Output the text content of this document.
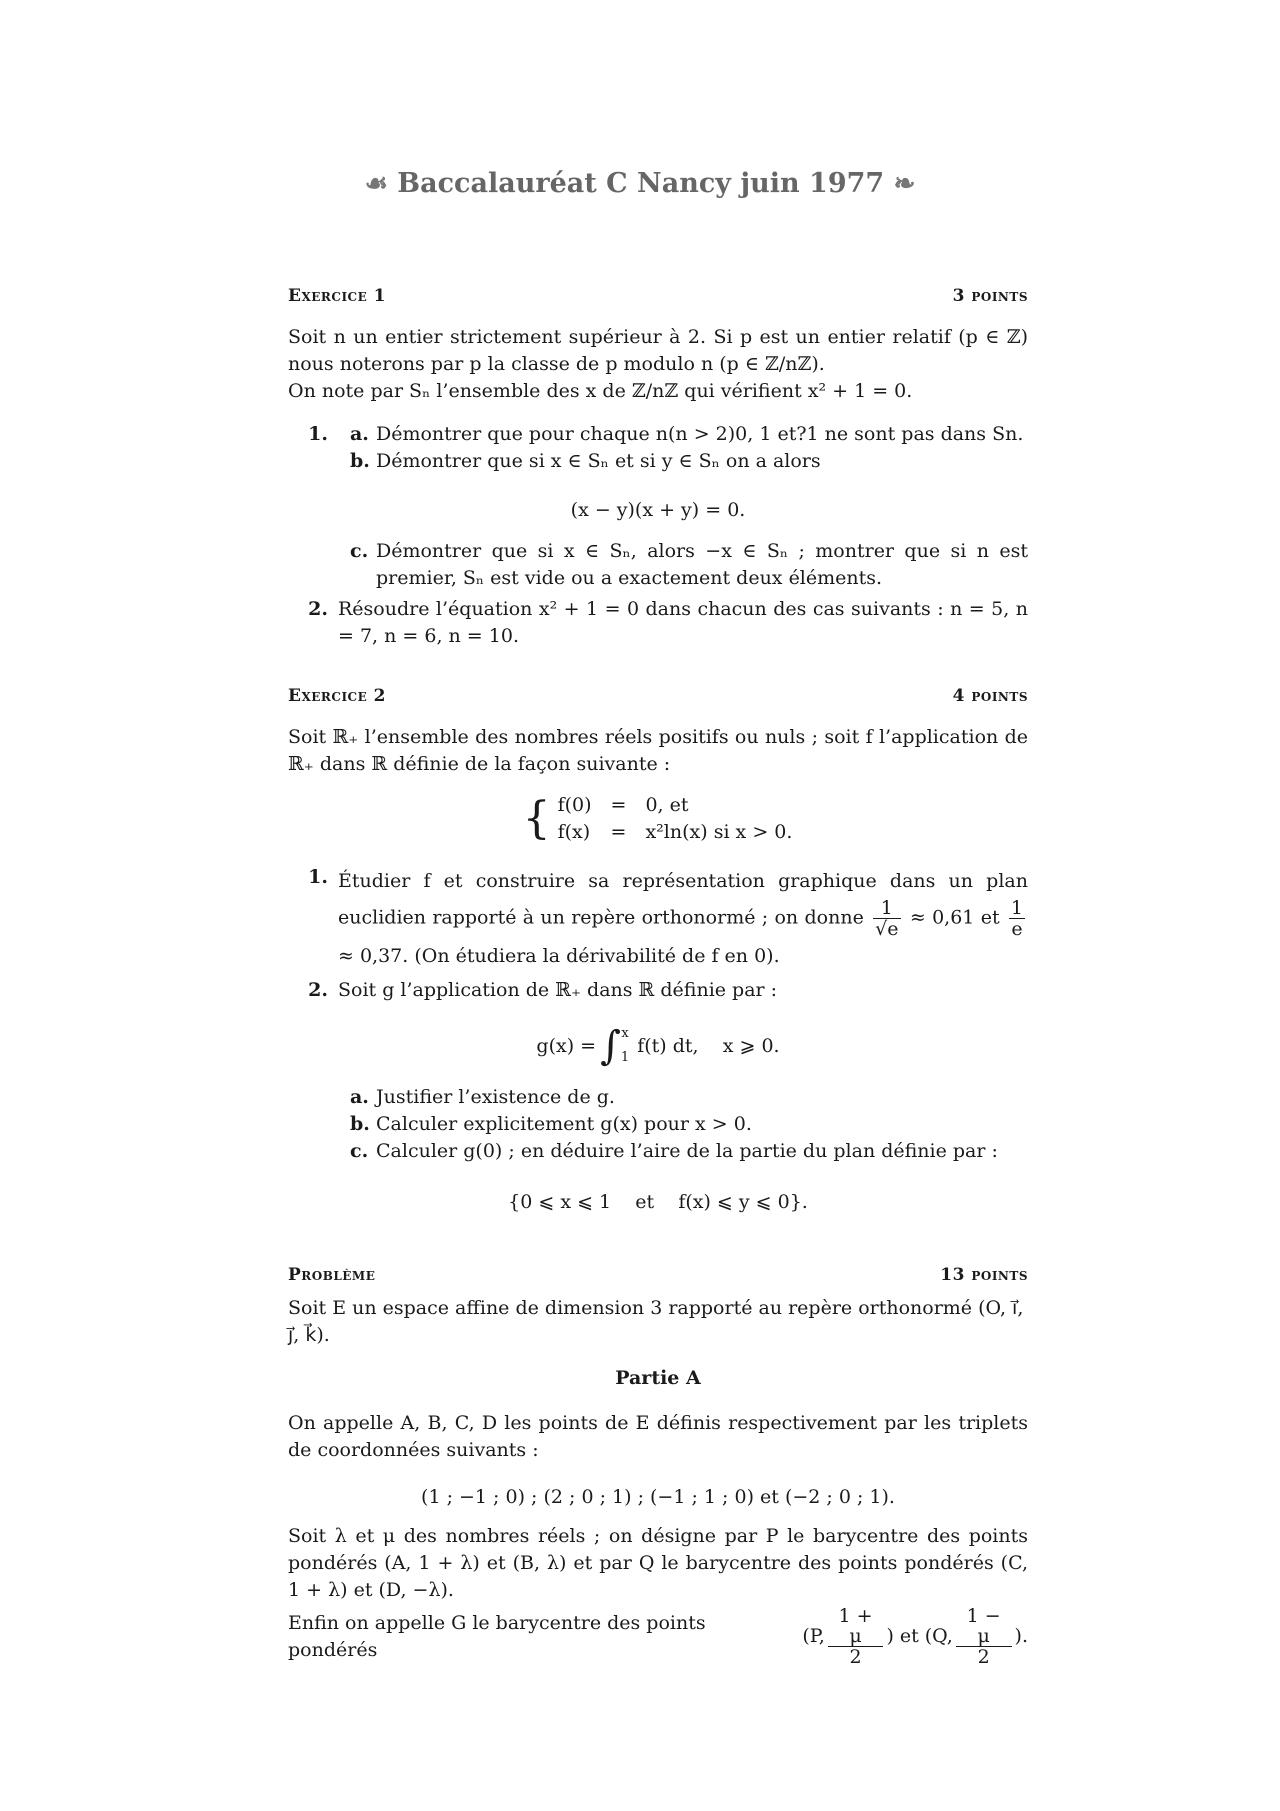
☙ Baccalauréat C Nancy juin 1977 ❧
Exercice 1	3 points

Soit n un entier strictement supérieur à 2. Si p est un entier relatif (p ∈ ℤ) nous noterons par p la classe de p modulo n (p ∈ ℤ/nℤ).

On note par Sₙ l’ensemble des x de ℤ/nℤ qui vérifient x² + 1 = 0.

1.	a. Démontrer que pour chaque n(n > 2)0, 1 et?1 ne sont pas dans Sn.
b. Démontrer que si x ∈ Sₙ et si y ∈ Sₙ on a alors

(x − y)(x + y) = 0.

c. Démontrer que si x ∈ Sₙ, alors −x ∈ Sₙ ; montrer que si n est premier, Sₙ est vide ou a exactement deux éléments.
2. Résoudre l’équation x² + 1 = 0 dans chacun des cas suivants : n = 5, n = 7, n = 6, n = 10.
Exercice 2	4 points

Soit ℝ₊ l’ensemble des nombres réels positifs ou nuls ; soit f l’application de ℝ₊ dans ℝ définie de la façon suivante :

{ f(0)	=	0, et
f(x)	=	x²ln(x) si x > 0.
1. Étudier f et construire sa représentation graphique dans un plan euclidien rapporté à un repère orthonormé ; on donne $\frac{1}{√e} \approx 0,61$ et $\frac{1}{e}$
≈ 0,37. (On étudiera la dérivabilité de f en 0).
2. Soit g l’application de ℝ₊ dans ℝ définie par :
g(x) = ∫ x
1
f(t) dt,    x ⩾ 0.
a. Justifier l’existence de g.
b. Calculer explicitement g(x) pour x > 0.
c. Calculer g(0) ; en déduire l’aire de la partie du plan définie par :

{0 ⩽ x ⩽ 1    et    f(x) ⩽ y ⩽ 0}.

Problème	13 points

Soit E un espace affine de dimension 3 rapporté au repère orthonormé (O, i⃗, j⃗, k⃗).

Partie A

On appelle A, B, C, D les points de E définis respectivement par les triplets de coordonnées suivants :

(1 ; −1 ; 0) ; (2 ; 0 ; 1) ; (−1 ; 1 ; 0) et (−2 ; 0 ; 1).

Soit λ et μ des nombres réels ; on désigne par P le barycentre des points pondérés (A, 1 + λ) et (B, λ) et par Q le barycentre des points pondérés (C, 1 + λ) et (D, −λ).

Enfin on appelle G le barycentre des points pondérés
(P, $\frac{1 + \mu}{2}$ ) et (Q, $\frac{1 - \mu}{2}$ ).
